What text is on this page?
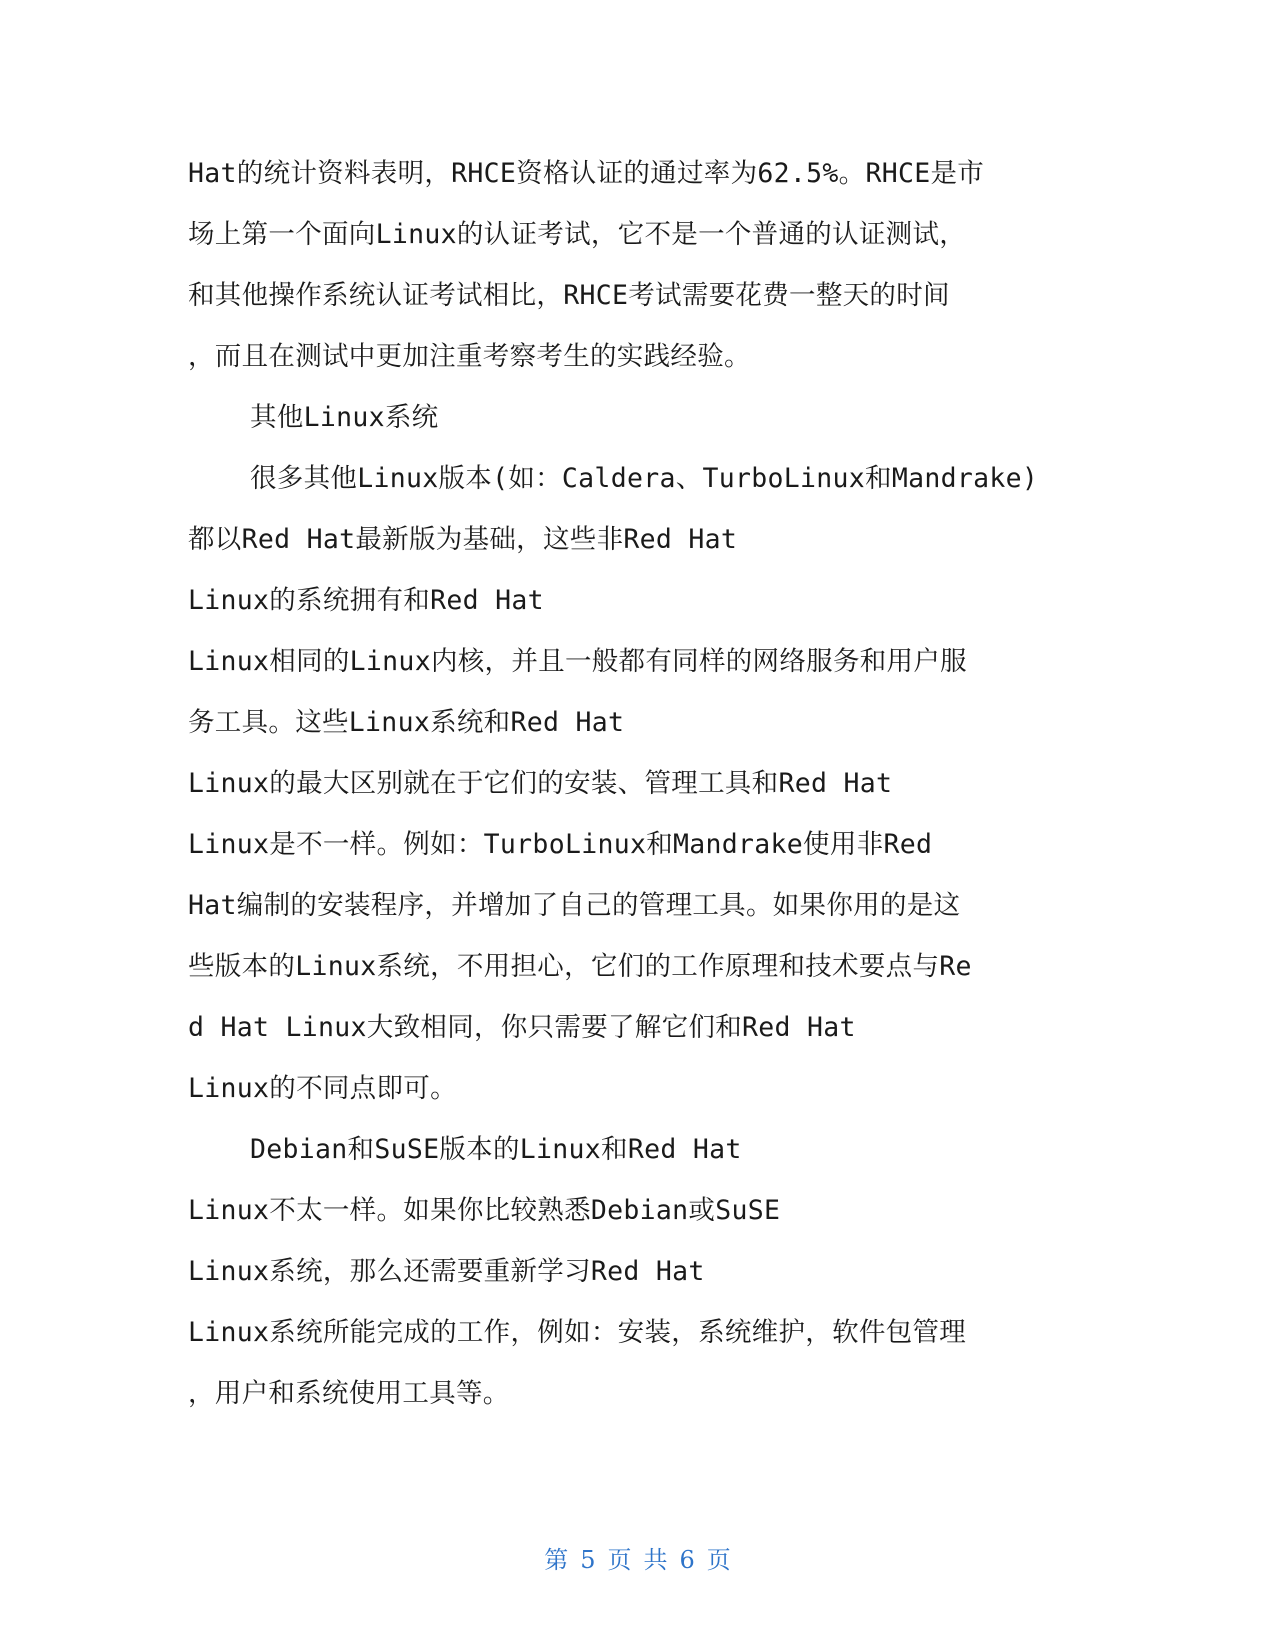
Hat的统计资料表明，RHCE资格认证的通过率为62.5%。RHCE是市
场上第一个面向Linux的认证考试，它不是一个普通的认证测试，
和其他操作系统认证考试相比，RHCE考试需要花费一整天的时间
，而且在测试中更加注重考察考生的实践经验。
其他Linux系统
很多其他Linux版本(如：Caldera、TurboLinux和Mandrake)
都以Red Hat最新版为基础，这些非Red Hat
Linux的系统拥有和Red Hat
Linux相同的Linux内核，并且一般都有同样的网络服务和用户服
务工具。这些Linux系统和Red Hat
Linux的最大区别就在于它们的安装、管理工具和Red Hat
Linux是不一样。例如：TurboLinux和Mandrake使用非Red
Hat编制的安装程序，并增加了自己的管理工具。如果你用的是这
些版本的Linux系统，不用担心，它们的工作原理和技术要点与Re
d Hat Linux大致相同，你只需要了解它们和Red Hat
Linux的不同点即可。
Debian和SuSE版本的Linux和Red Hat
Linux不太一样。如果你比较熟悉Debian或SuSE
Linux系统，那么还需要重新学习Red Hat
Linux系统所能完成的工作，例如：安装，系统维护，软件包管理
，用户和系统使用工具等。
第 5 页 共 6 页
